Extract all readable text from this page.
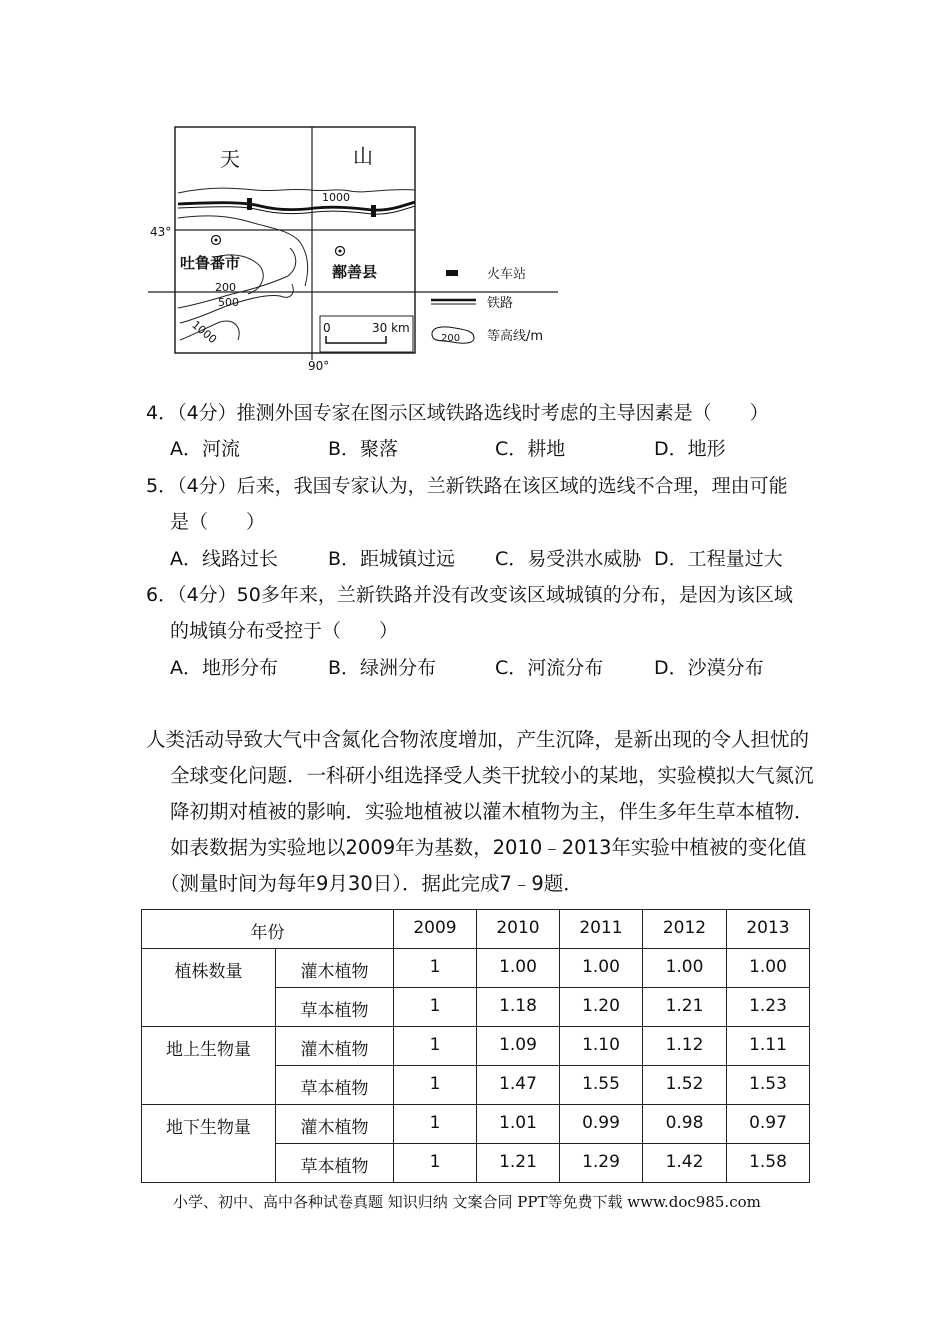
天	山
1000
43°
90°
吐鲁番市	鄯善县
200
500
1000	0	30 km
火车站
铁路
200 等高线/m
4．（4分）推测外国专家在图示区域铁路选线时考虑的主导因素是（　　）
A．河流	B．聚落	C．耕地	D．地形
5．（4分）后来，我国专家认为，兰新铁路在该区域的选线不合理，理由可能
是（　　）
A．线路过长	B．距城镇过远 C．易受洪水威胁 D．工程量过大
6．（4分）50多年来，兰新铁路并没有改变该区域城镇的分布，是因为该区域
的城镇分布受控于（　　）
A．地形分布	B．绿洲分布	C．河流分布	D．沙漠分布
人类活动导致大气中含氮化合物浓度增加，产生沉降，是新出现的令人担忧的
全球变化问题．一科研小组选择受人类干扰较小的某地，实验模拟大气氮沉
降初期对植被的影响．实验地植被以灌木植物为主，伴生多年生草本植物．
如表数据为实验地以2009年为基数，2010﹣2013年实验中植被的变化值
（测量时间为每年9月30日）．据此完成7﹣9题．
年份		2009	2010	2011	2012	2013
植株数量	灌木植物	1	1.00	1.00	1.00	1.00
	草本植物	1	1.18	1.20	1.21	1.23
地上生物量	灌木植物	1	1.09	1.10	1.12	1.11
	草本植物	1	1.47	1.55	1.52	1.53
地下生物量	灌木植物	1	1.01	0.99	0.98	0.97
	草本植物	1	1.21	1.29	1.42	1.58
小学、初中、高中各种试卷真题 知识归纳 文案合同 PPT等免费下载 www.doc985.com
